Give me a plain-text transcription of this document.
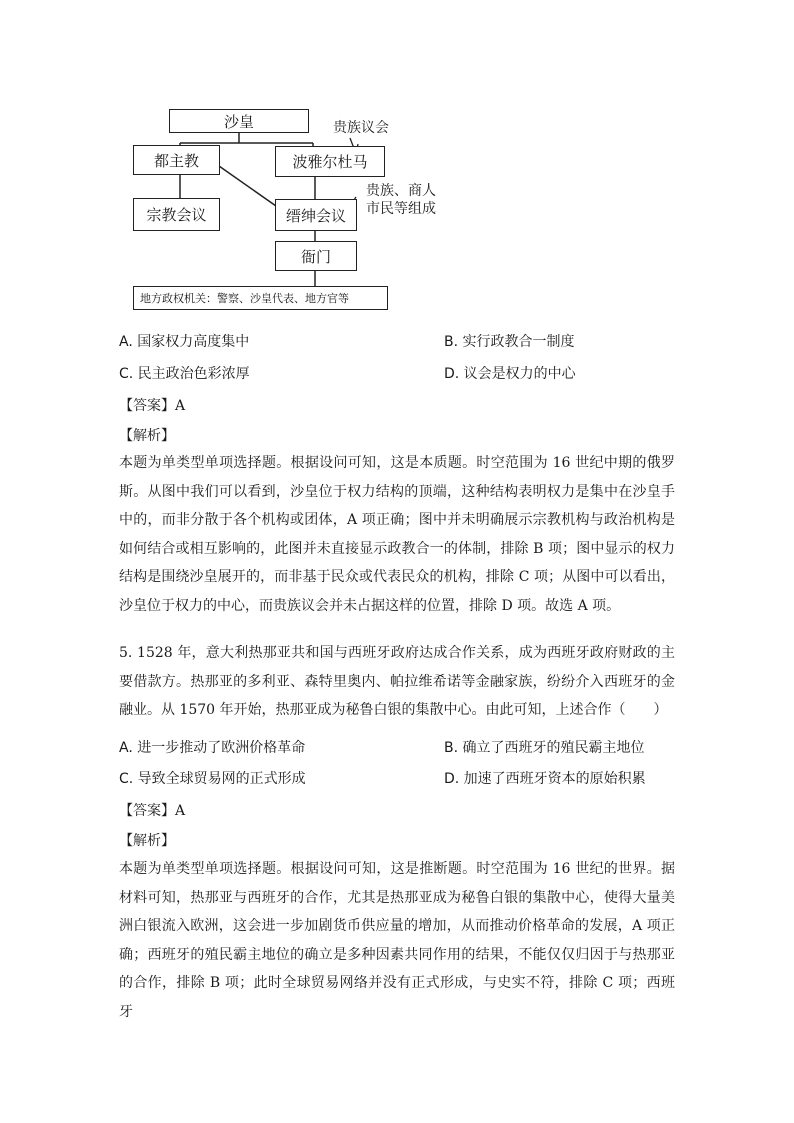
沙皇
都主教	波雅尔杜马
贵族议会
宗教会议	缙绅会议
贵族、商人
市民等组成
衙门
地方政权机关：警察、沙皇代表、地方官等
A. 国家权力高度集中	B. 实行政教合一制度
C. 民主政治色彩浓厚	D. 议会是权力的中心
【答案】A
【解析】
本题为单类型单项选择题。根据设问可知，这是本质题。时空范围为 16 世纪中期的俄罗斯。从图中我们可以看到，沙皇位于权力结构的顶端，这种结构表明权力是集中在沙皇手中的，而非分散于各个机构或团体，A 项正确；图中并未明确展示宗教机构与政治机构是如何结合或相互影响的，此图并未直接显示政教合一的体制，排除 B 项；图中显示的权力结构是围绕沙皇展开的，而非基于民众或代表民众的机构，排除 C 项；从图中可以看出，沙皇位于权力的中心，而贵族议会并未占据这样的位置，排除 D 项。故选 A 项。
5. 1528 年，意大利热那亚共和国与西班牙政府达成合作关系，成为西班牙政府财政的主要借款方。热那亚的多利亚、森特里奥内、帕拉维希诺等金融家族，纷纷介入西班牙的金融业。从 1570 年开始，热那亚成为秘鲁白银的集散中心。由此可知，上述合作（　　）
A. 进一步推动了欧洲价格革命	B. 确立了西班牙的殖民霸主地位
C. 导致全球贸易网的正式形成	D. 加速了西班牙资本的原始积累
【答案】A
【解析】
本题为单类型单项选择题。根据设问可知，这是推断题。时空范围为 16 世纪的世界。据材料可知，热那亚与西班牙的合作，尤其是热那亚成为秘鲁白银的集散中心，使得大量美洲白银流入欧洲，这会进一步加剧货币供应量的增加，从而推动价格革命的发展，A 项正确；西班牙的殖民霸主地位的确立是多种因素共同作用的结果，不能仅仅归因于与热那亚的合作，排除 B 项；此时全球贸易网络并没有正式形成，与史实不符，排除 C 项；西班牙
